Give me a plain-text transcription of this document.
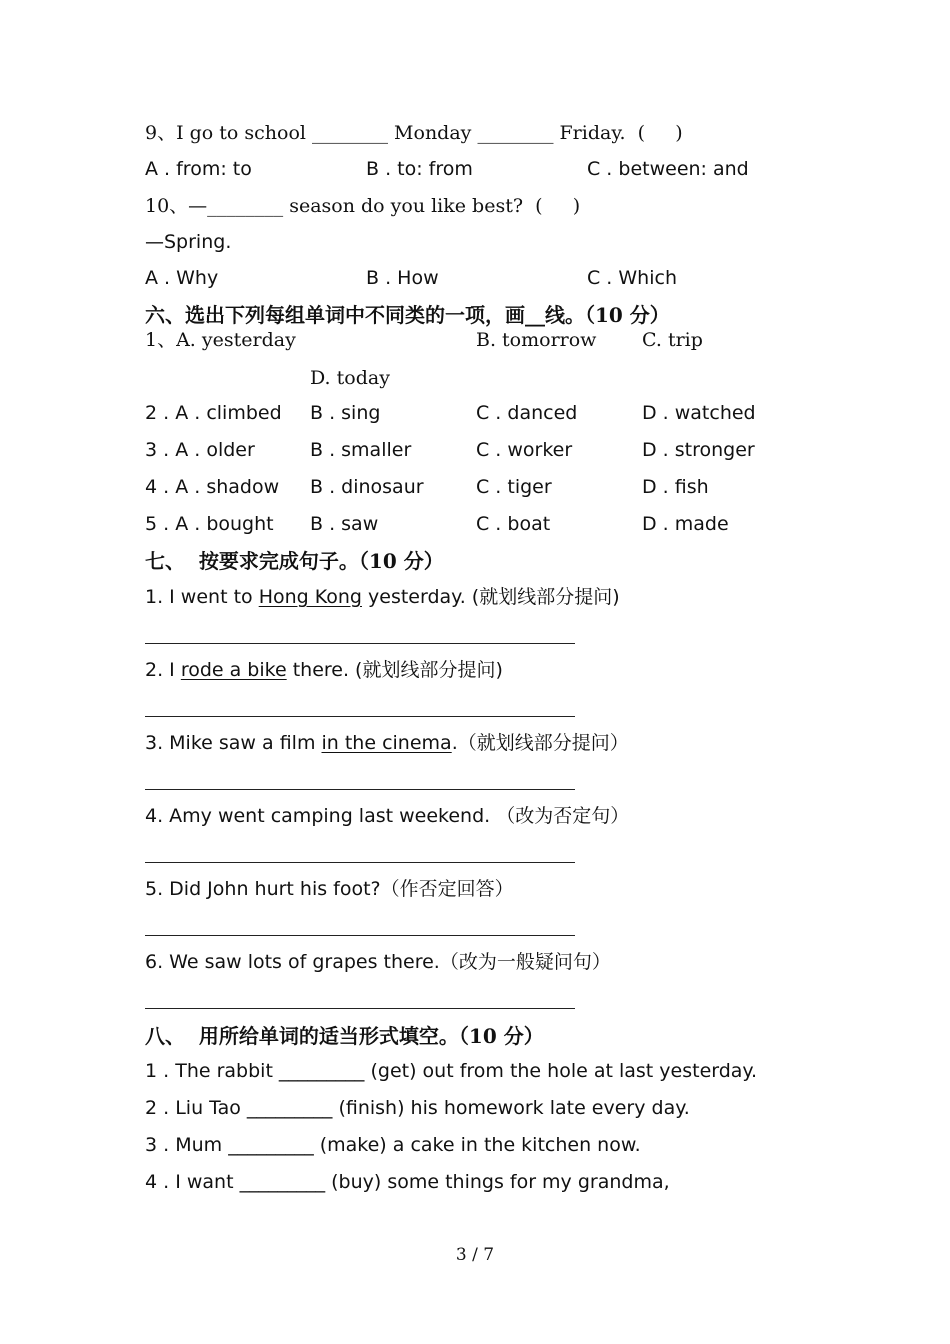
9、I go to school ________ Monday ________ Friday.  (     )
A . from: to	B . to: from	C . between: and
10、—________ season do you like best?  (     )
—Spring.
A . Why	B . How	C . Which
六、选出下列每组单词中不同类的一项，画__线。（10 分）
1、A. yesterday	B. tomorrow C. trip
D. today
2 . A . climbed B . sing	C . danced	D . watched
3 . A . older	B . smaller	C . worker	D . stronger
4 . A . shadow B . dinosaur	C . tiger	D . fish
5 . A . bought B . saw	C . boat	D . made
七、  按要求完成句子。（10 分）
1. I went to Hong Kong yesterday. (就划线部分提问)
2. I rode a bike there. (就划线部分提问)
3. Mike saw a film in the cinema.（就划线部分提问）
4. Amy went camping last weekend. （改为否定句）
5. Did John hurt his foot?（作否定回答）
6. We saw lots of grapes there.（改为一般疑问句）
八、  用所给单词的适当形式填空。（10 分）
1 . The rabbit _________ (get) out from the hole at last yesterday.
2 . Liu Tao _________ (finish) his homework late every day.
3 . Mum _________ (make) a cake in the kitchen now.
4 . I want _________ (buy) some things for my grandma,
3 / 7
